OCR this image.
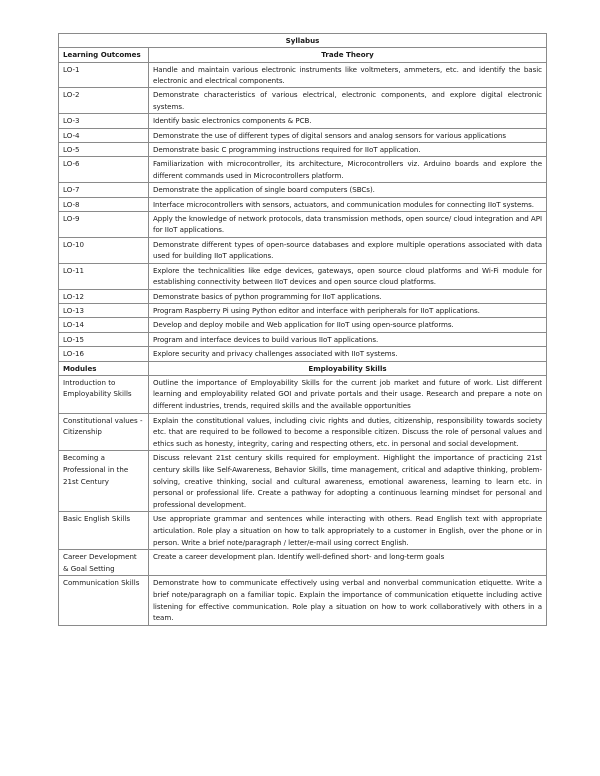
Syllabus	
Learning Outcomes	Trade Theory
LO-1	Handle and maintain various electronic instruments like voltmeters, ammeters, etc. and identify the basic electronic and electrical components.
LO-2	Demonstrate characteristics of various electrical, electronic components, and explore digital electronic systems.
LO-3	Identify basic electronics components & PCB.
LO-4	Demonstrate the use of different types of digital sensors and analog sensors for various applications
LO-5	Demonstrate basic C programming instructions required for IIoT application.
LO-6	Familiarization with microcontroller, its architecture, Microcontrollers viz. Arduino boards and explore the different commands used in Microcontrollers platform.
LO-7	Demonstrate the application of single board computers (SBCs).
LO-8	Interface microcontrollers with sensors, actuators, and communication modules for connecting IIoT systems.
LO-9	Apply the knowledge of network protocols, data transmission methods, open source/ cloud integration and API for IIoT applications.
LO-10	Demonstrate different types of open-source databases and explore multiple operations associated with data used for building IIoT applications.
LO-11	Explore the technicalities like edge devices, gateways, open source cloud platforms and Wi-Fi module for establishing connectivity between IIoT devices and open source cloud platforms.
LO-12	Demonstrate basics of python programming for IIoT applications.
LO-13	Program Raspberry Pi using Python editor and interface with peripherals for IIoT applications.
LO-14	Develop and deploy mobile and Web application for IIoT using open-source platforms.
LO-15	Program and interface devices to build various IIoT applications.
LO-16	Explore security and privacy challenges associated with IIoT systems.
Modules	Employability Skills
Introduction to Employability Skills	Outline the importance of Employability Skills for the current job market and future of work. List different learning and employability related GOI and private portals and their usage. Research and prepare a note on different industries, trends, required skills and the available opportunities
Constitutional values - Citizenship	Explain the constitutional values, including civic rights and duties, citizenship, responsibility towards society etc. that are required to be followed to become a responsible citizen. Discuss the role of personal values and ethics such as honesty, integrity, caring and respecting others, etc. in personal and social development.
Becoming a Professional in the 21st Century	Discuss relevant 21st century skills required for employment. Highlight the importance of practicing 21st century skills like Self-Awareness, Behavior Skills, time management, critical and adaptive thinking, problem-solving, creative thinking, social and cultural awareness, emotional awareness, learning to learn etc. in personal or professional life. Create a pathway for adopting a continuous learning mindset for personal and professional development.
Basic English Skills	Use appropriate grammar and sentences while interacting with others. Read English text with appropriate articulation. Role play a situation on how to talk appropriately to a customer in English, over the phone or in person. Write a brief note/paragraph / letter/e-mail using correct English.
Career Development & Goal Setting	Create a career development plan. Identify well-defined short- and long-term goals
Communication Skills	Demonstrate how to communicate effectively using verbal and nonverbal communication etiquette. Write a brief note/paragraph on a familiar topic. Explain the importance of communication etiquette including active listening for effective communication. Role play a situation on how to work collaboratively with others in a team.
